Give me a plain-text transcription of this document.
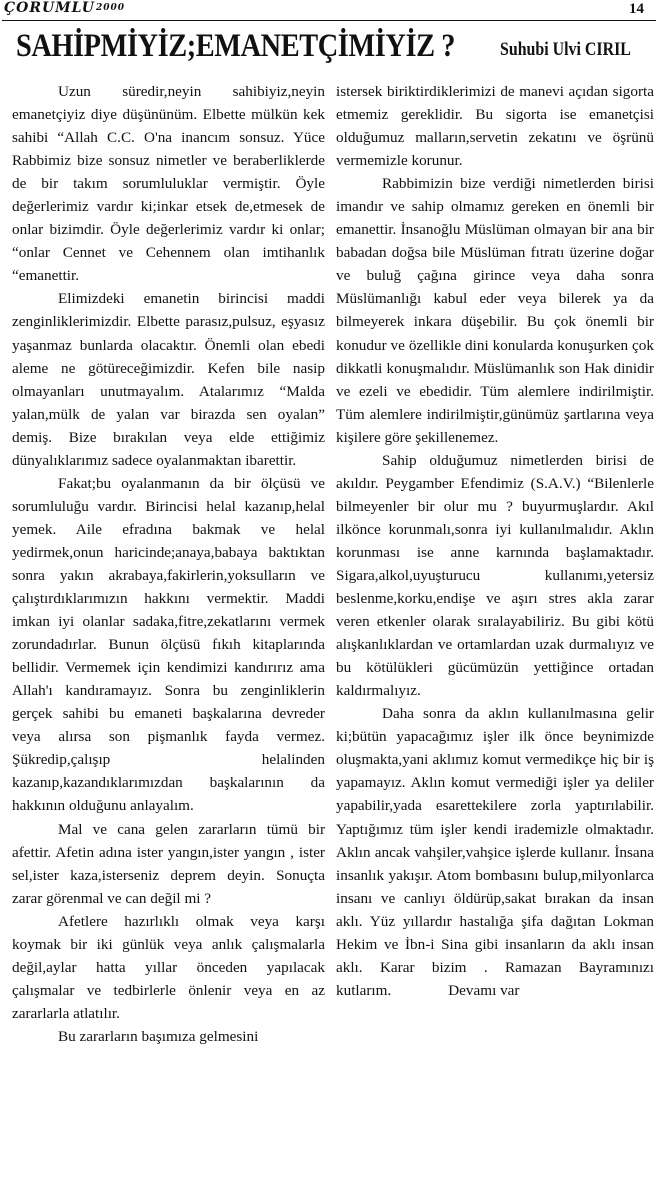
ÇORUMLU 2000	14
SAHİPMİYİZ;EMANETÇİMİYİZ ? Suhubi Ulvi CIRIL

Uzun süredir,neyin sahibiyiz,neyin emanetçiyiz diye düşününüm. Elbette mülkün kek sahibi “Allah C.C. O'na inancım sonsuz. Yüce Rabbimiz bize sonsuz nimetler ve beraberliklerde de bir takım sorumluluklar vermiştir. Öyle değerlerimiz vardır ki;inkar etsek de,etmesek de onlar bizimdir. Öyle değerlerimiz vardır ki onlar; “onlar Cennet ve Cehennem olan imtihanlık “emanettir.

Elimizdeki emanetin birincisi maddi zenginliklerimizdir. Elbette parasız,pulsuz, eşyasız yaşanmaz bunlarda olacaktır. Önemli olan ebedi aleme ne götüreceğimizdir. Kefen bile nasip olmayanları unutmayalım. Atalarımız “Malda yalan,mülk de yalan var birazda sen oyalan” demiş. Bize bırakılan veya elde ettiğimiz dünyalıklarımız sadece oyalanmaktan ibarettir.

Fakat;bu oyalanmanın da bir ölçüsü ve sorumluluğu vardır. Birincisi helal kazanıp,helal yemek. Aile efradına bakmak ve helal yedirmek,onun haricinde;anaya,babaya baktıktan sonra yakın akrabaya,fakirlerin,yoksulların ve çalıştırdıklarımızın hakkını vermektir. Maddi imkan iyi olanlar sadaka,fitre,zekatlarını vermek zorundadırlar. Bunun ölçüsü fıkıh kitaplarında bellidir. Vermemek için kendimizi kandırırız ama Allah'ı kandıramayız. Sonra bu zenginliklerin gerçek sahibi bu emaneti başkalarına devreder veya alırsa son pişmanlık fayda vermez. Şükredip,çalışıp helalinden kazanıp,kazandıklarımızdan başkalarının da hakkının olduğunu anlayalım.

Mal ve cana gelen zararların tümü bir afettir. Afetin adına ister yangın,ister yangın , ister sel,ister kaza,isterseniz deprem deyin. Sonuçta zarar görenmal ve can değil mi ?

Afetlere hazırlıklı olmak veya karşı koymak bir iki günlük veya anlık çalışmalarla değil,aylar hatta yıllar önceden yapılacak çalışmalar ve tedbirlerle önlenir veya en az zararlarla atlatılır.

Bu zararların başımıza gelmesini

istersek biriktirdiklerimizi de manevi açıdan sigorta etmemiz gereklidir. Bu sigorta ise emanetçisi olduğumuz malların,servetin zekatını ve öşrünü vermemizle korunur.

Rabbimizin bize verdiği nimetlerden birisi imandır ve sahip olmamız gereken en önemli bir emanettir. İnsanoğlu Müslüman olmayan bir ana bir babadan doğsa bile Müslüman fıtratı üzerine doğar ve buluğ çağına girince veya daha sonra Müslümanlığı kabul eder veya bilerek ya da bilmeyerek inkara düşebilir. Bu çok önemli bir konudur ve özellikle dini konularda konuşurken çok dikkatli konuşmalıdır. Müslümanlık son Hak dinidir ve ezeli ve ebedidir. Tüm alemlere indirilmiştir. Tüm alemlere indirilmiştir,günümüz şartlarına veya kişilere göre şekillenemez.

Sahip olduğumuz nimetlerden birisi de akıldır. Peygamber Efendimiz (S.A.V.) “Bilenlerle bilmeyenler bir olur mu ? buyurmuşlardır. Akıl ilkönce korunmalı,sonra iyi kullanılmalıdır. Aklın korunması ise anne karnında başlamaktadır. Sigara,alkol,uyuşturucu kullanımı,yetersiz beslenme,korku,endişe ve aşırı stres akla zarar veren etkenler olarak sıralayabiliriz. Bu gibi kötü alışkanlıklardan ve ortamlardan uzak durmalıyız ve bu kötülükleri gücümüzün yettiğince ortadan kaldırmalıyız.

Daha sonra da aklın kullanılmasına gelir ki;bütün yapacağımız işler ilk önce beynimizde oluşmakta,yani aklımız komut vermedikçe hiç bir iş yapamayız. Aklın komut vermediği işler ya deliler yapabilir,yada esarettekilere zorla yaptırılabilir. Yaptığımız tüm işler kendi irademizle olmaktadır. Aklın ancak vahşiler,vahşice işlerde kullanır. İnsana insanlık yakışır. Atom bombasını bulup,milyonlarca insanı ve canlıyı öldürüp,sakat bırakan da insan aklı. Yüz yıllardır hastalığa şifa dağıtan Lokman Hekim ve İbn-i Sina gibi insanların da aklı insan aklı. Karar bizim . Ramazan Bayramınızı kutlarım.	Devamı var
